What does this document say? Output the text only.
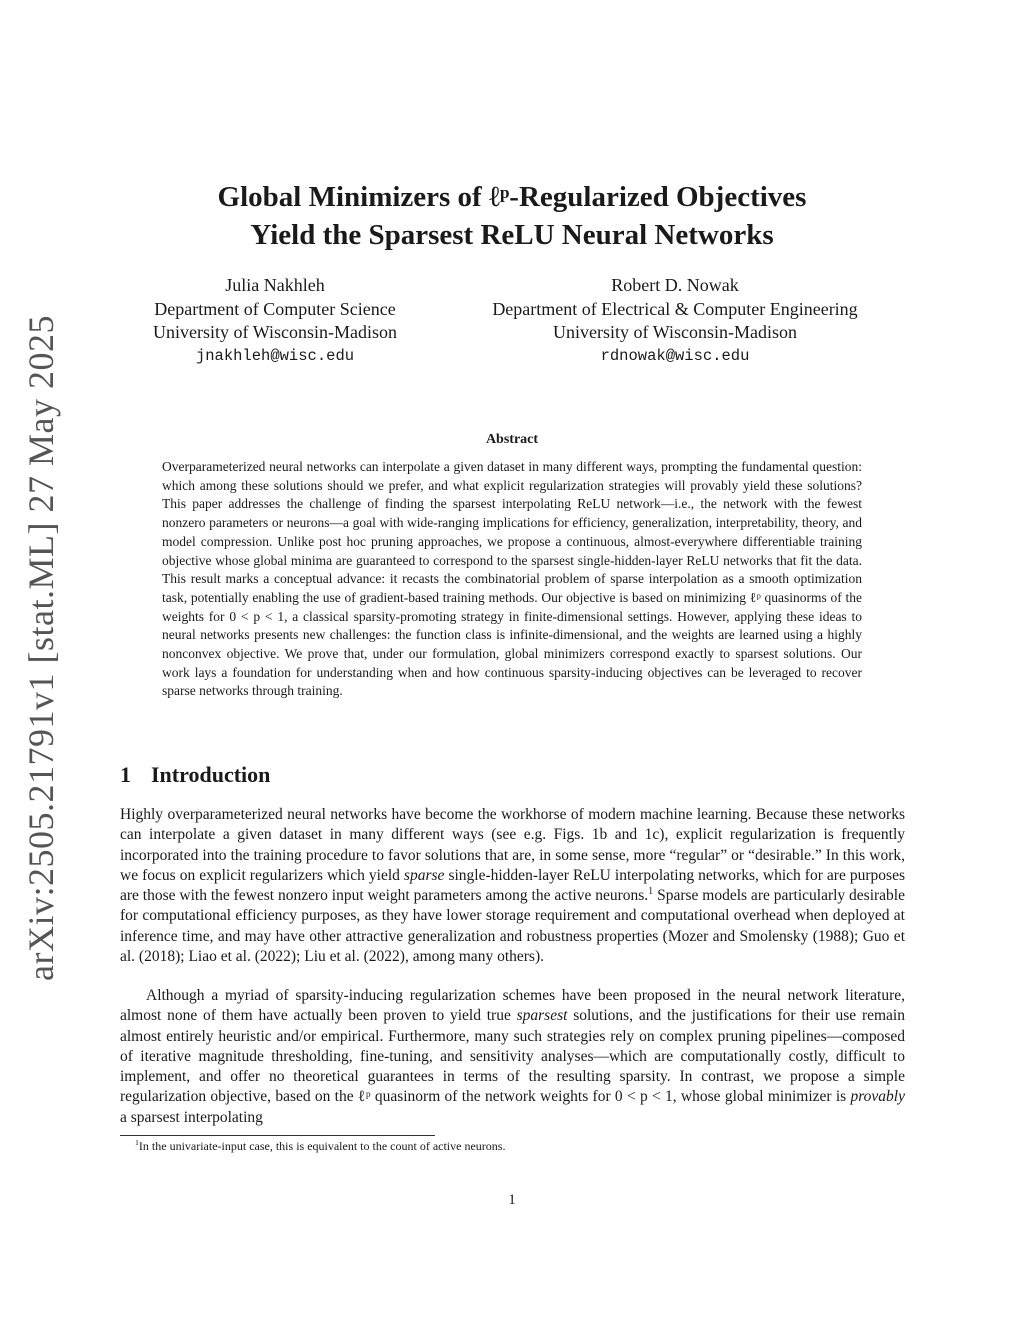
arXiv:2505.21791v1 [stat.ML] 27 May 2025
Global Minimizers of ℓᵖ-Regularized Objectives
Yield the Sparsest ReLU Neural Networks
Julia Nakhleh
Department of Computer Science
University of Wisconsin-Madison
jnakhleh@wisc.edu
Robert D. Nowak
Department of Electrical & Computer Engineering
University of Wisconsin-Madison
rdnowak@wisc.edu
Abstract

Overparameterized neural networks can interpolate a given dataset in many different ways, prompting the fundamental question: which among these solutions should we prefer, and what explicit regularization strategies will provably yield these solutions? This paper addresses the challenge of finding the sparsest interpolating ReLU network—i.e., the network with the fewest nonzero parameters or neurons—a goal with wide-ranging implications for efficiency, generalization, interpretability, theory, and model compression. Unlike post hoc pruning approaches, we propose a continuous, almost-everywhere differentiable training objective whose global minima are guaranteed to correspond to the sparsest single-hidden-layer ReLU networks that fit the data. This result marks a conceptual advance: it recasts the combinatorial problem of sparse interpolation as a smooth optimization task, potentially enabling the use of gradient-based training methods. Our objective is based on minimizing ℓᵖ quasinorms of the weights for 0 < p < 1, a classical sparsity-promoting strategy in finite-dimensional settings. However, applying these ideas to neural networks presents new challenges: the function class is infinite-dimensional, and the weights are learned using a highly nonconvex objective. We prove that, under our formulation, global minimizers correspond exactly to sparsest solutions. Our work lays a foundation for understanding when and how continuous sparsity-inducing objectives can be leveraged to recover sparse networks through training.

1 Introduction

Highly overparameterized neural networks have become the workhorse of modern machine learning. Because these networks can interpolate a given dataset in many different ways (see e.g. Figs. 1b and 1c), explicit regularization is frequently incorporated into the training procedure to favor solutions that are, in some sense, more “regular” or “desirable.” In this work, we focus on explicit regularizers which yield sparse single-hidden-layer ReLU interpolating networks, which for are purposes are those with the fewest nonzero input weight parameters among the active neurons.$^1$ Sparse models are particularly desirable for computational efficiency purposes, as they have lower storage requirement and computational overhead when deployed at inference time, and may have other attractive generalization and robustness properties (Mozer and Smolensky (1988); Guo et al. (2018); Liao et al. (2022); Liu et al. (2022), among many others).

Although a myriad of sparsity-inducing regularization schemes have been proposed in the neural network literature, almost none of them have actually been proven to yield true sparsest solutions, and the justifications for their use remain almost entirely heuristic and/or empirical. Furthermore, many such strategies rely on complex pruning pipelines—composed of iterative magnitude thresholding, fine-tuning, and sensitivity analyses—which are computationally costly, difficult to implement, and offer no theoretical guarantees in terms of the resulting sparsity. In contrast, we propose a simple regularization objective, based on the ℓᵖ quasinorm of the network weights for 0 < p < 1, whose global minimizer is provably a sparsest interpolating

$^1$In the univariate-input case, this is equivalent to the count of active neurons.

1
